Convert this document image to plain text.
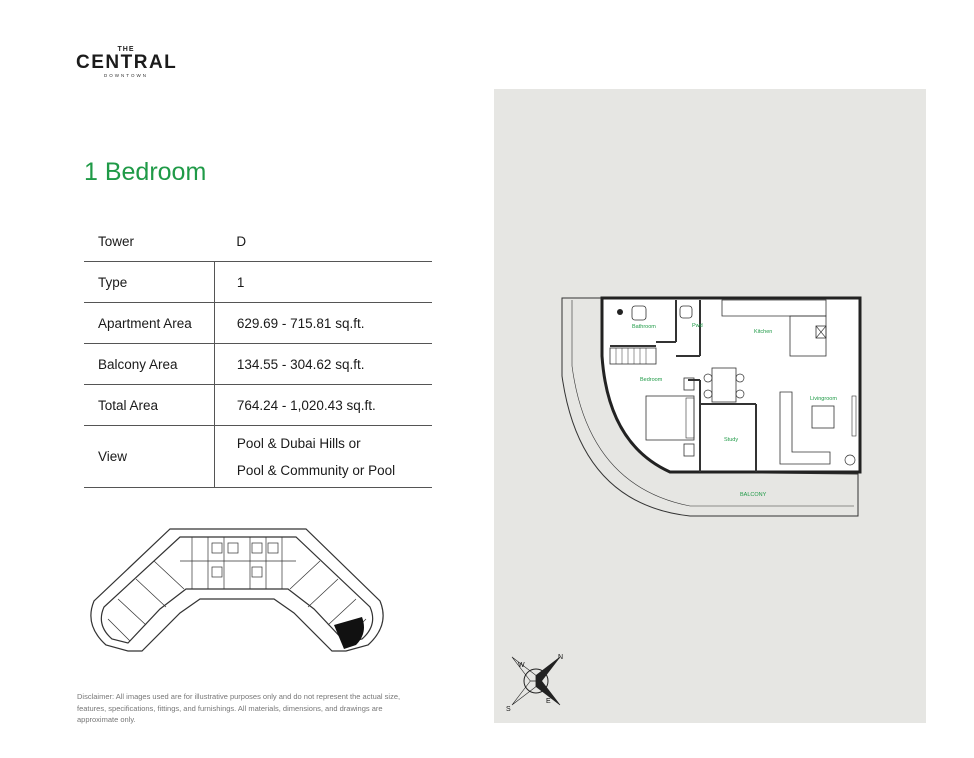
THE
CENTRAL
DOWNTOWN
1 Bedroom
Tower	D
Type	1
Apartment Area	629.69 - 715.81 sq.ft.
Balcony Area	134.55 - 304.62 sq.ft.
Total Area	764.24 - 1,020.43 sq.ft.
View	Pool & Dubai Hills or
Pool & Community or Pool
Disclaimer: All images used are for illustrative purposes only and do not represent the actual size, features, specifications, fittings, and furnishings. All materials, dimensions, and drawings are approximate only.
Bathroom	Pwd
Kitchen
Bedroom
Livingroom
Study
BALCONY
N
S
E
W
